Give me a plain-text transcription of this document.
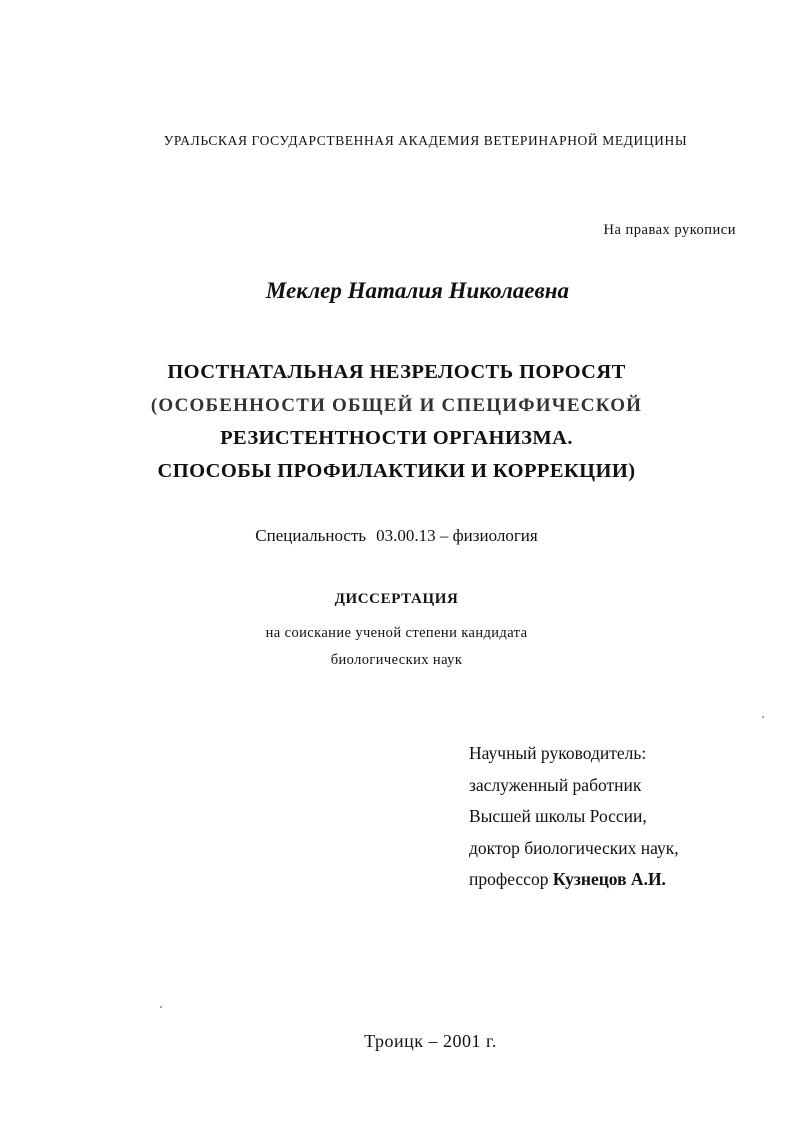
УРАЛЬСКАЯ ГОСУДАРСТВЕННАЯ АКАДЕМИЯ ВЕТЕРИНАРНОЙ МЕДИЦИНЫ
На правах рукописи
Меклер Наталия Николаевна
ПОСТНАТАЛЬНАЯ НЕЗРЕЛОСТЬ ПОРОСЯТ
(ОСОБЕННОСТИ ОБЩЕЙ И СПЕЦИФИЧЕСКОЙ
РЕЗИСТЕНТНОСТИ ОРГАНИЗМА.
СПОСОБЫ ПРОФИЛАКТИКИ И КОРРЕКЦИИ)
Специальность 03.00.13 – физиология
ДИССЕРТАЦИЯ
на соискание ученой степени кандидата
биологических наук
Научный руководитель:
заслуженный работник
Высшей школы России,
доктор биологических наук,
профессор Кузнецов А.И.
Троицк – 2001 г.
